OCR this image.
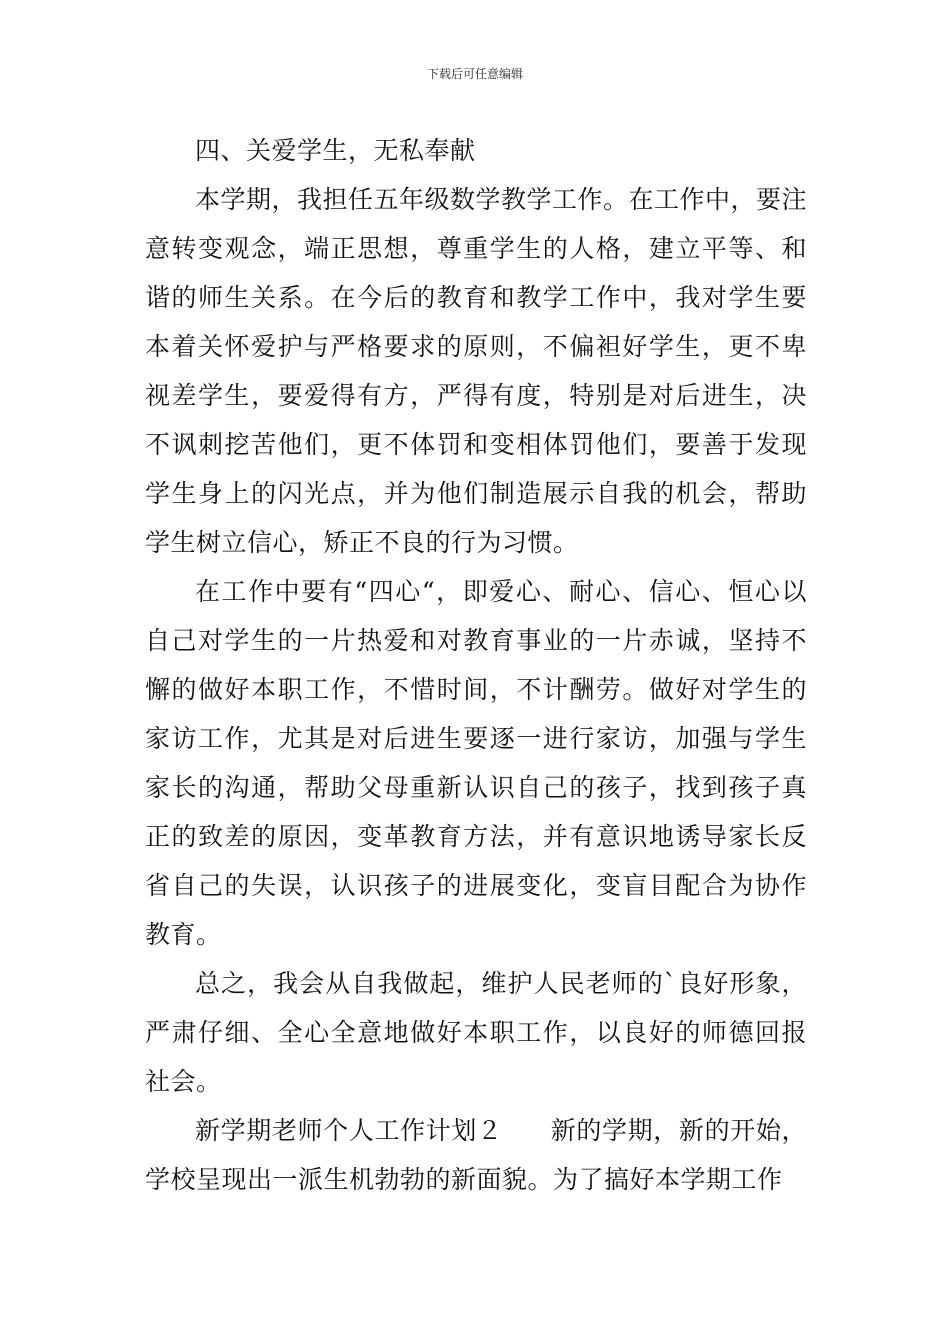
下载后可任意编辑

四、关爱学生，无私奉献

本学期，我担任五年级数学教学工作。在工作中，要注意转变观念，端正思想，尊重学生的人格，建立平等、和谐的师生关系。在今后的教育和教学工作中，我对学生要本着关怀爱护与严格要求的原则，不偏袒好学生，更不卑视差学生，要爱得有方，严得有度，特别是对后进生，决不讽刺挖苦他们，更不体罚和变相体罚他们，要善于发现学生身上的闪光点，并为他们制造展示自我的机会，帮助学生树立信心，矫正不良的行为习惯。

在工作中要有“四心“，即爱心、耐心、信心、恒心以自己对学生的一片热爱和对教育事业的一片赤诚，坚持不懈的做好本职工作，不惜时间，不计酬劳。做好对学生的家访工作，尤其是对后进生要逐一进行家访，加强与学生家长的沟通，帮助父母重新认识自己的孩子，找到孩子真正的致差的原因，变革教育方法，并有意识地诱导家长反省自己的失误，认识孩子的进展变化，变盲目配合为协作教育。

总之，我会从自我做起，维护人民老师的`良好形象，严肃仔细、全心全意地做好本职工作，以良好的师德回报社会。

新学期老师个人工作计划２ 新的学期，新的开始，学校呈现出一派生机勃勃的新面貌。为了搞好本学期工作
